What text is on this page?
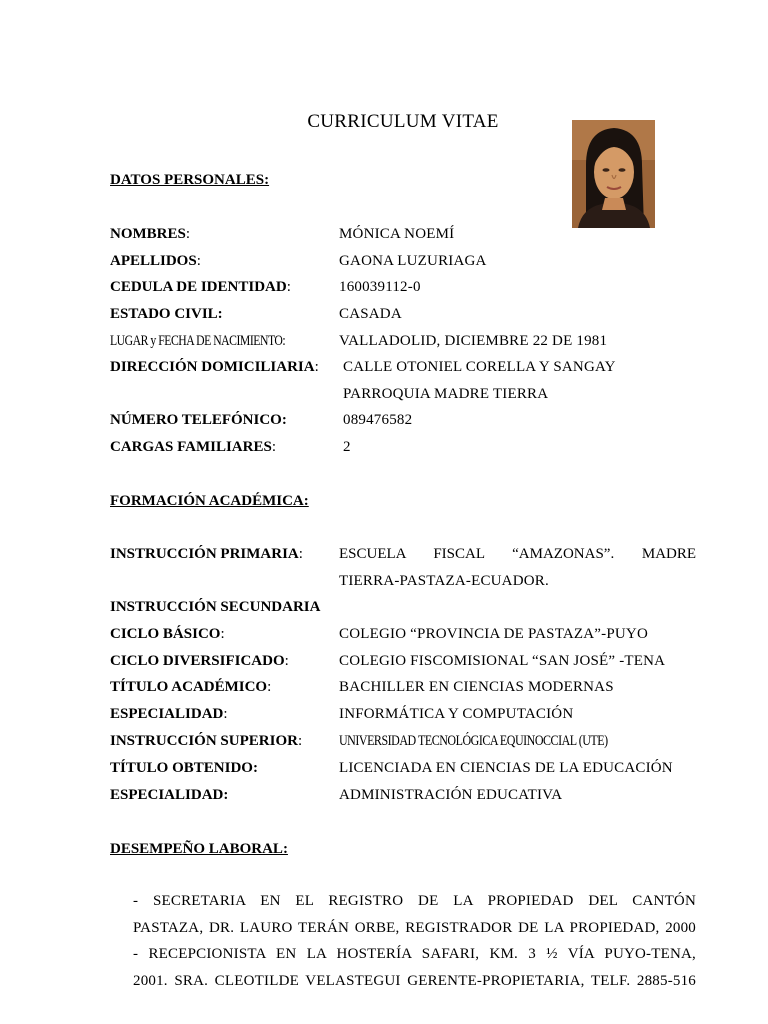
CURRICULUM VITAE
DATOS PERSONALES:
NOMBRES:	MÓNICA NOEMÍ
APELLIDOS:	GAONA LUZURIAGA
CEDULA DE IDENTIDAD:	160039112-0
ESTADO CIVIL:	CASADA
LUGAR y FECHA DE NACIMIENTO:	VALLADOLID, DICIEMBRE 22 DE 1981
DIRECCIÓN DOMICILIARIA: CALLE OTONIEL CORELLA Y SANGAY
PARROQUIA MADRE TIERRA
NÚMERO TELEFÓNICO:	089476582
CARGAS FAMILIARES:	2
FORMACIÓN ACADÉMICA:
INSTRUCCIÓN PRIMARIA: ESCUELA FISCAL “AMAZONAS”. MADRE
TIERRA-PASTAZA-ECUADOR.
INSTRUCCIÓN SECUNDARIA
CICLO BÁSICO:	COLEGIO “PROVINCIA DE PASTAZA”-PUYO
CICLO DIVERSIFICADO:	COLEGIO FISCOMISIONAL “SAN JOSÉ” -TENA
TÍTULO ACADÉMICO:	BACHILLER EN CIENCIAS MODERNAS
ESPECIALIDAD:	INFORMÁTICA Y COMPUTACIÓN
INSTRUCCIÓN SUPERIOR: UNIVERSIDAD TECNOLÓGICA EQUINOCCIAL (UTE)
TÍTULO OBTENIDO:	LICENCIADA EN CIENCIAS DE LA EDUCACIÓN
ESPECIALIDAD:	ADMINISTRACIÓN EDUCATIVA
DESEMPEÑO LABORAL:
- SECRETARIA EN EL REGISTRO DE LA PROPIEDAD DEL CANTÓN
PASTAZA, DR. LAURO TERÁN ORBE, REGISTRADOR DE LA PROPIEDAD, 2000
- RECEPCIONISTA EN LA HOSTERÍA SAFARI, KM. 3 ½ VÍA PUYO-TENA,
2001. SRA. CLEOTILDE VELASTEGUI GERENTE-PROPIETARIA, TELF. 2885-516
